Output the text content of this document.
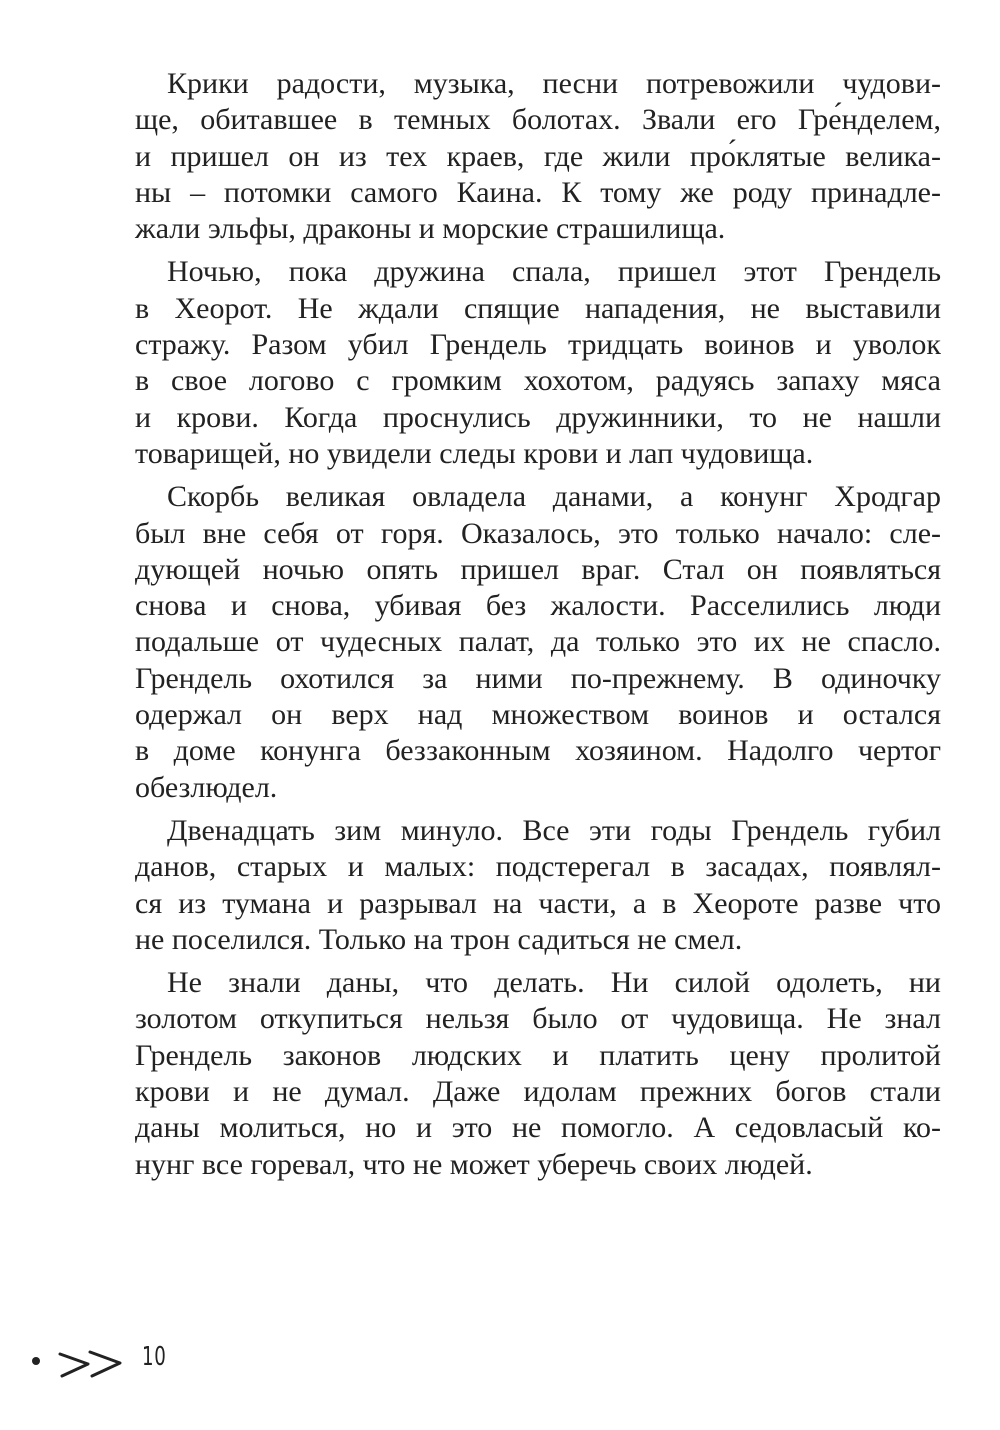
Крики радости, музыка, песни потревожили чудови-
ще, обитавшее в темных болотах. Звали его Гре́нделем,
и пришел он из тех краев, где жили про́клятые велика-
ны – потомки самого Каина. К тому же роду принадле-
жали эльфы, драконы и морские страшилища.
Ночью, пока дружина спала, пришел этот Грендель
в Хеорот. Не ждали спящие нападения, не выставили
стражу. Разом убил Грендель тридцать воинов и уволок
в свое логово с громким хохотом, радуясь запаху мяса
и крови. Когда проснулись дружинники, то не нашли
товарищей, но увидели следы крови и лап чудовища.
Скорбь великая овладела данами, а конунг Хродгар
был вне себя от горя. Оказалось, это только начало: сле-
дующей ночью опять пришел враг. Стал он появляться
снова и снова, убивая без жалости. Расселились люди
подальше от чудесных палат, да только это их не спасло.
Грендель охотился за ними по-прежнему. В одиночку
одержал он верх над множеством воинов и остался
в доме конунга беззаконным хозяином. Надолго чертог
обезлюдел.
Двенадцать зим минуло. Все эти годы Грендель губил
данов, старых и малых: подстерегал в засадах, появлял-
ся из тумана и разрывал на части, а в Хеороте разве что
не поселился. Только на трон садиться не смел.
Не знали даны, что делать. Ни силой одолеть, ни
золотом откупиться нельзя было от чудовища. Не знал
Грендель законов людских и платить цену пролитой
крови и не думал. Даже идолам прежних богов стали
даны молиться, но и это не помогло. А седовласый ко-
нунг все горевал, что не может уберечь своих людей.
10
